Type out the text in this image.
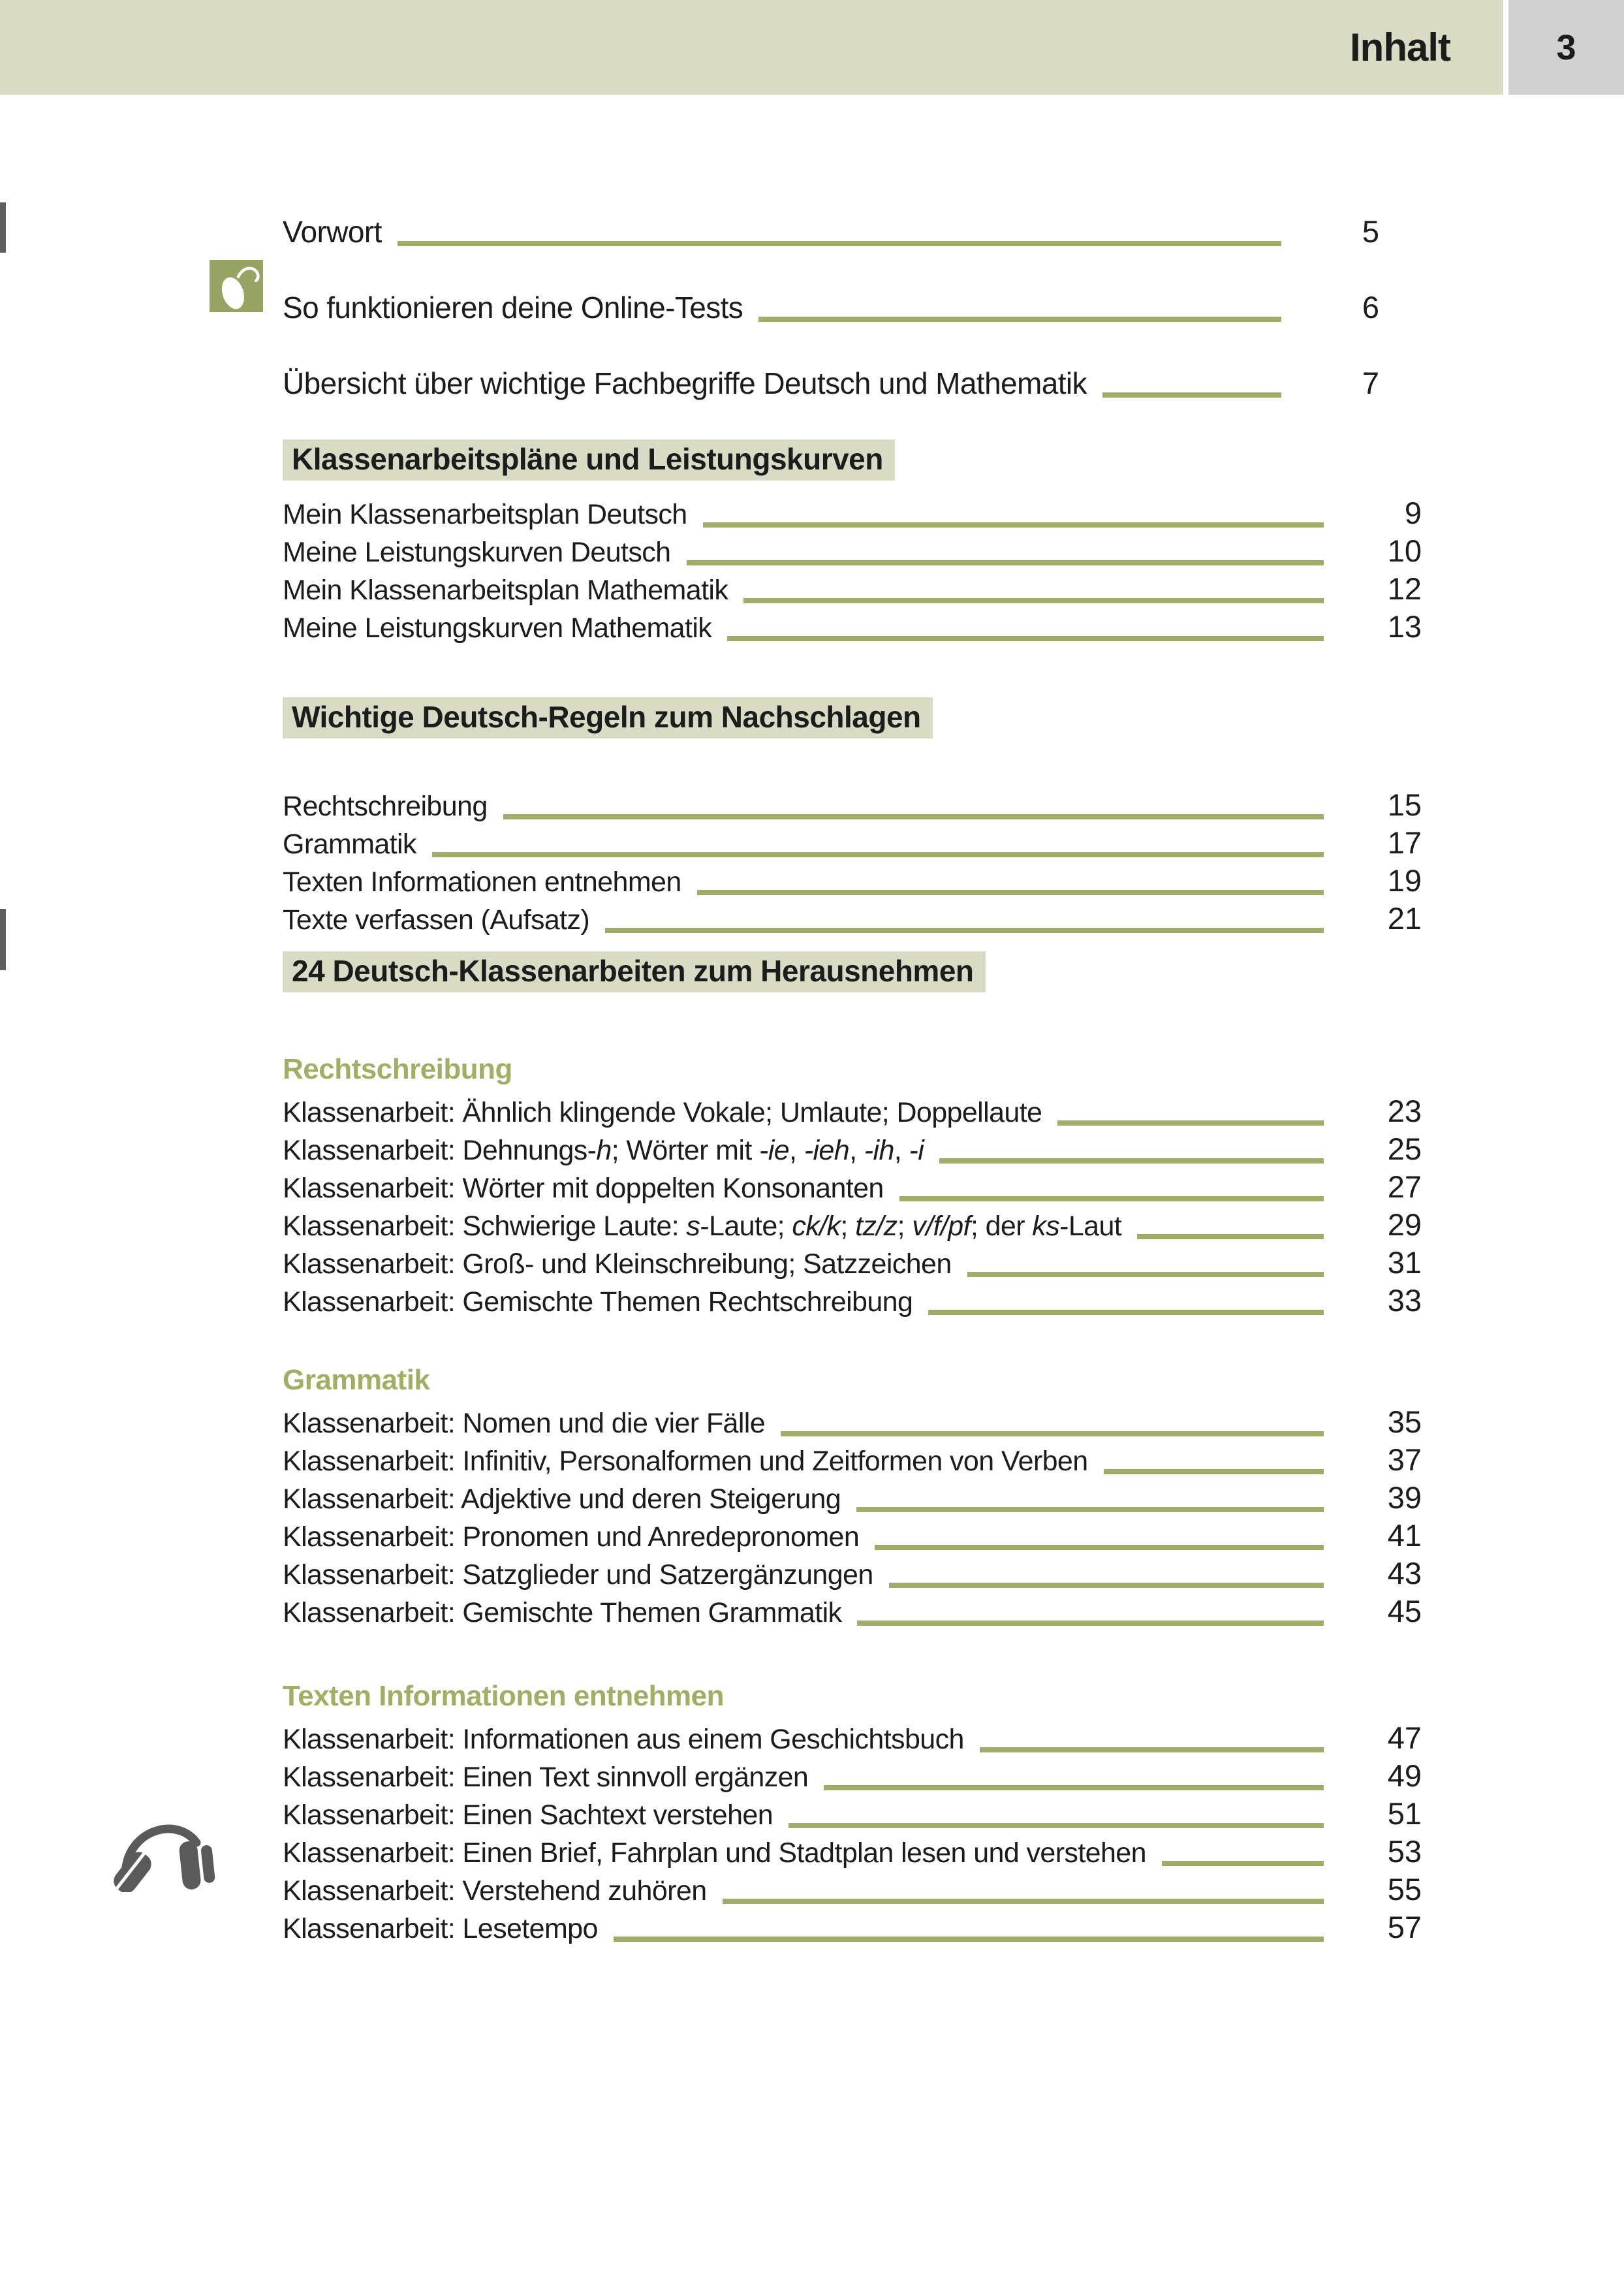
Inhalt	3
Vorwort	5
So funktionieren deine Online-Tests	6
Übersicht über wichtige Fachbegriffe Deutsch und Mathematik	7
Klassenarbeitspläne und Leistungskurven
Mein Klassenarbeitsplan Deutsch	9
Meine Leistungskurven Deutsch	10
Mein Klassenarbeitsplan Mathematik	12
Meine Leistungskurven Mathematik	13
Wichtige Deutsch-Regeln zum Nachschlagen
Rechtschreibung	15
Grammatik	17
Texten Informationen entnehmen	19
Texte verfassen (Aufsatz)	21
24 Deutsch-Klassenarbeiten zum Herausnehmen
Rechtschreibung
Klassenarbeit: Ähnlich klingende Vokale; Umlaute; Doppellaute	23
Klassenarbeit: Dehnungs-h; Wörter mit -ie, -ieh, -ih, -i	25
Klassenarbeit: Wörter mit doppelten Konsonanten	27
Klassenarbeit: Schwierige Laute: s-Laute; ck/k; tz/z; v/f/pf; der ks-Laut	29
Klassenarbeit: Groß- und Kleinschreibung; Satzzeichen	31
Klassenarbeit: Gemischte Themen Rechtschreibung	33
Grammatik
Klassenarbeit: Nomen und die vier Fälle	35
Klassenarbeit: Infinitiv, Personalformen und Zeitformen von Verben	37
Klassenarbeit: Adjektive und deren Steigerung	39
Klassenarbeit: Pronomen und Anredepronomen	41
Klassenarbeit: Satzglieder und Satzergänzungen	43
Klassenarbeit: Gemischte Themen Grammatik	45
Texten Informationen entnehmen
Klassenarbeit: Informationen aus einem Geschichtsbuch	47
Klassenarbeit: Einen Text sinnvoll ergänzen	49
Klassenarbeit: Einen Sachtext verstehen	51
Klassenarbeit: Einen Brief, Fahrplan und Stadtplan lesen und verstehen	53
Klassenarbeit: Verstehend zuhören	55
Klassenarbeit: Lesetempo	57
